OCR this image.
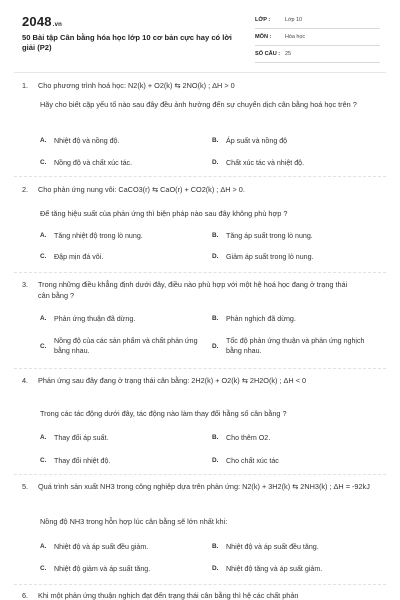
2048.vn
50 Bài tập Cân bằng hóa học lớp 10 cơ bản cực hay có lời giải (P2)
LỚP :	Lớp 10
MÔN :	Hóa học
SỐ CÂU : 25
1. Cho phương trình hoá học: N2(k) + O2(k) ⇆ 2NO(k) ; ΔH > 0
Hãy cho biết cặp yếu tố nào sau đây đều ảnh hưởng đến sự chuyển dịch cân bằng hoá học trên ?
A. Nhiệt độ và nồng độ.	B. Áp suất và nồng độ
C. Nồng độ và chất xúc tác.	D. Chất xúc tác và nhiệt độ.
2. Cho phản ứng nung vôi: CaCO3(r) ⇆ CaO(r) + CO2(k) ; ΔH > 0.
Để tăng hiệu suất của phản ứng thì biện pháp nào sau đây không phù hợp ?
A. Tăng nhiệt độ trong lò nung.	B. Tăng áp suất trong lò nung.
C. Đập mịn đá vôi.	D. Giảm áp suất trong lò nung.
3. Trong những điều khẳng định dưới đây, điều nào phù hợp với một hệ hoá học đang ở trạng thái cân bằng ?
A. Phản ứng thuận đã dừng.	B. Phản nghịch đã dừng.
C.
Nồng độ của các sản phẩm và chất phản ứng bằng nhau.
D.
Tốc độ phản ứng thuận và phản ứng nghịch bằng nhau.
4. Phản ứng sau đây đang ở trạng thái cân bằng: 2H2(k) + O2(k) ⇆ 2H2O(k) ; ΔH < 0
Trong các tác động dưới đây, tác động nào làm thay đổi hằng số cân bằng ?
A. Thay đổi áp suất.	B. Cho thêm O2.
C. Thay đổi nhiệt độ.	D. Cho chất xúc tác
5. Quá trình sản xuất NH3 trong công nghiệp dựa trên phản ứng: N2(k) + 3H2(k) ⇆ 2NH3(k) ; ΔH = -92kJ
Nồng độ NH3 trong hỗn hợp lúc cân bằng sẽ lớn nhất khi:
A. Nhiệt độ và áp suất đều giảm.	B. Nhiệt độ và áp suất đều tăng.
C. Nhiệt độ giảm và áp suất tăng.	D. Nhiệt độ tăng và áp suất giảm.
6. Khi một phản ứng thuận nghịch đạt đến trạng thái cân bằng thì hệ các chất phản
